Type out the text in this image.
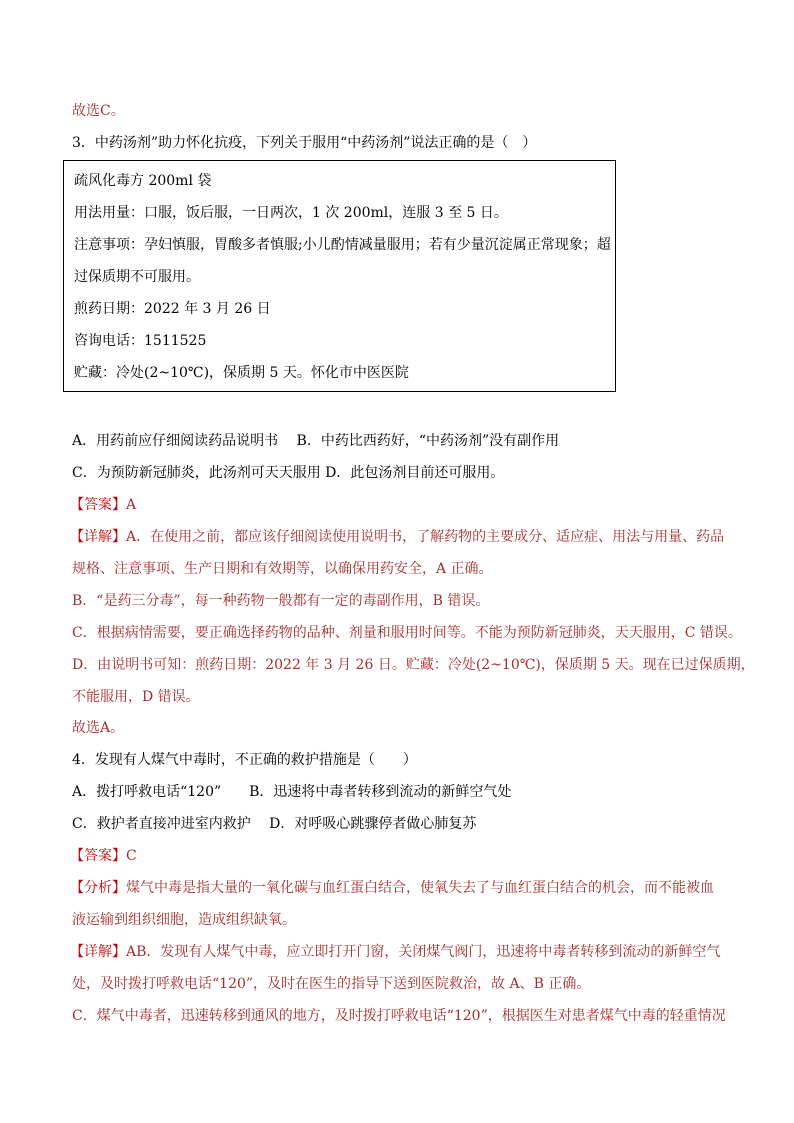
故选C。
3．中药汤剂”助力怀化抗疫，下列关于服用“中药汤剂”说法正确的是（　）
疏风化毒方 200ml 袋
用法用量：口服，饭后服，一日两次，1 次 200ml，连服 3 至 5 日。
注意事项：孕妇慎服，胃酸多者慎服;小儿酌情减量服用；若有少量沉淀属正常现象；超
过保质期不可服用。
煎药日期：2022 年 3 月 26 日
咨询电话：1511525
贮藏：冷处(2~10℃)，保质期 5 天。怀化市中医医院
A．用药前应仔细阅读药品说明书　 B．中药比西药好，“中药汤剂”没有副作用
C．为预防新冠肺炎，此汤剂可天天服用 D．此包汤剂目前还可服用。
【答案】A
【详解】A．在使用之前，都应该仔细阅读使用说明书，了解药物的主要成分、适应症、用法与用量、药品
规格、注意事项、生产日期和有效期等，以确保用药安全，A 正确。
B．“是药三分毒”，每一种药物一般都有一定的毒副作用，B 错误。
C．根据病情需要，要正确选择药物的品种、剂量和服用时间等。不能为预防新冠肺炎，天天服用，C 错误。
D．由说明书可知：煎药日期：2022 年 3 月 26 日。贮藏：冷处(2~10℃)，保质期 5 天。现在已过保质期，
不能服用，D 错误。
故选A。
4．发现有人煤气中毒时，不正确的救护措施是（　　）
A．拨打呼救电话“120”　　B．迅速将中毒者转移到流动的新鲜空气处
C．救护者直接冲进室内救护　 D．对呼吸心跳骤停者做心肺复苏
【答案】C
【分析】煤气中毒是指大量的一氧化碳与血红蛋白结合，使氧失去了与血红蛋白结合的机会，而不能被血
液运输到组织细胞，造成组织缺氧。
【详解】AB．发现有人煤气中毒，应立即打开门窗，关闭煤气阀门，迅速将中毒者转移到流动的新鲜空气
处，及时拨打呼救电话“120”，及时在医生的指导下送到医院救治，故 A、B 正确。
C．煤气中毒者，迅速转移到通风的地方，及时拨打呼救电话“120”，根据医生对患者煤气中毒的轻重情况
